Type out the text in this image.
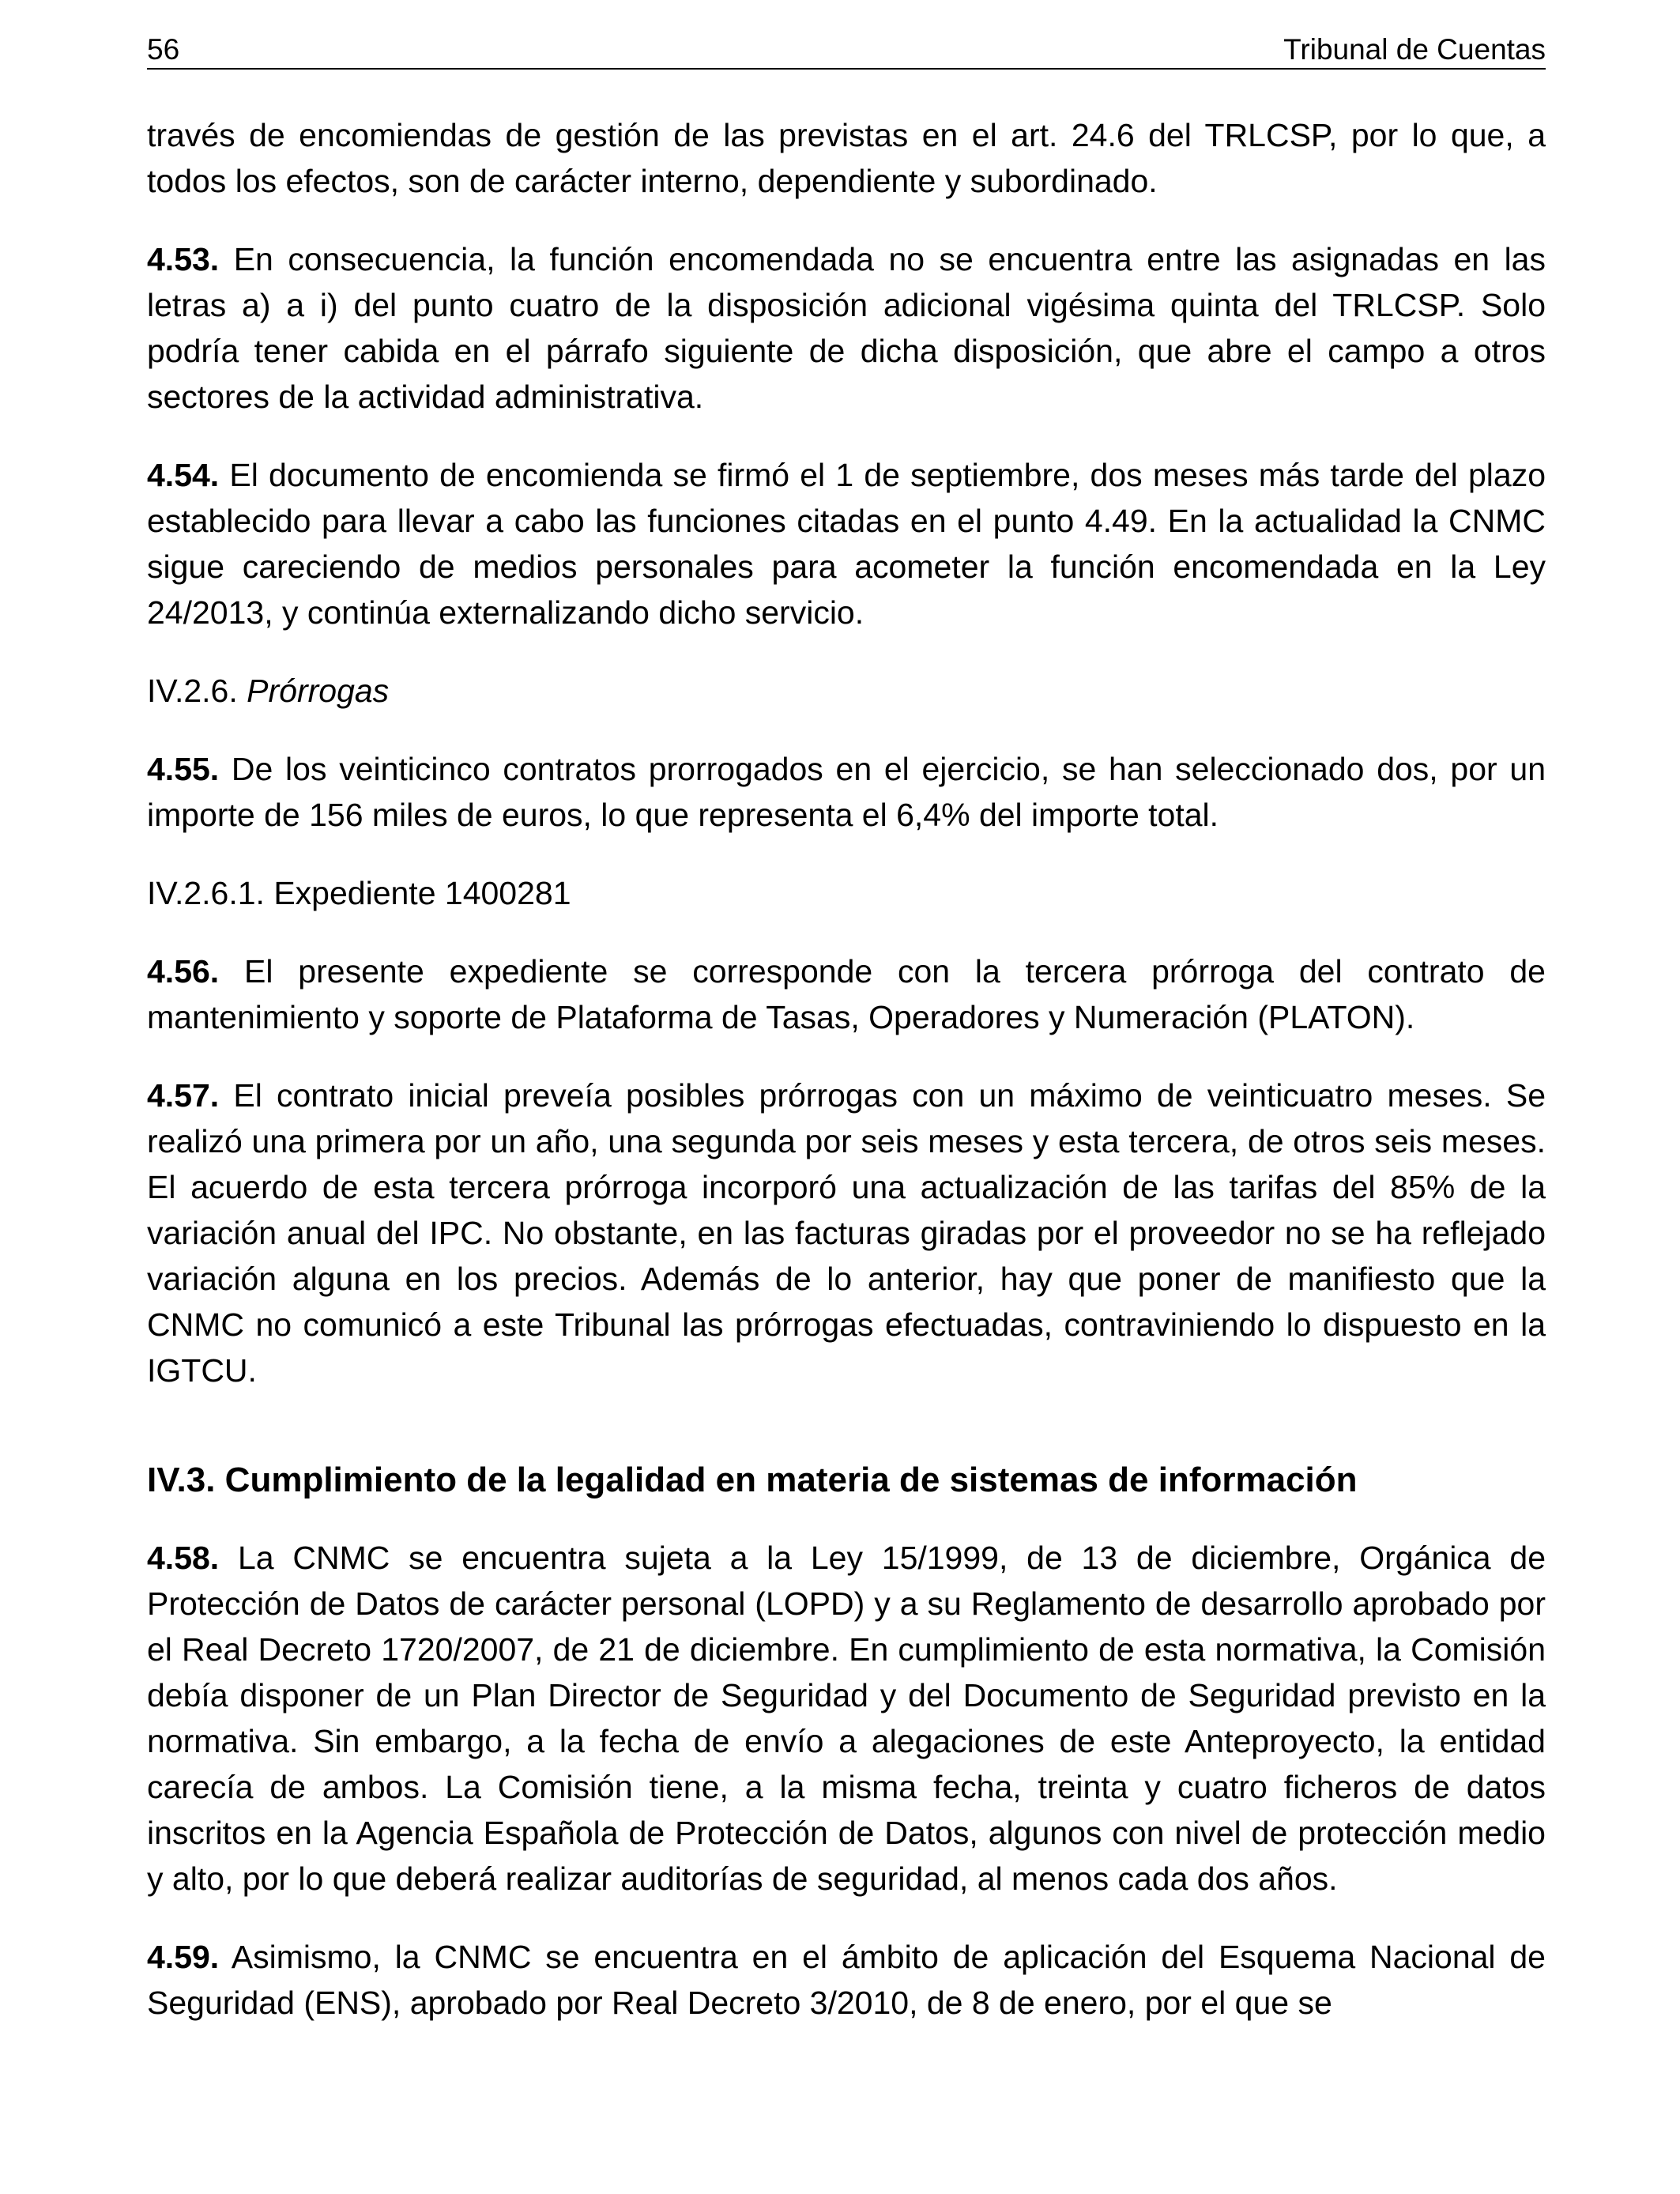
56	Tribunal de Cuentas

través de encomiendas de gestión de las previstas en el art. 24.6 del TRLCSP, por lo que, a todos los efectos, son de carácter interno, dependiente y subordinado.

4.53. En consecuencia, la función encomendada no se encuentra entre las asignadas en las letras a) a i) del punto cuatro de la disposición adicional vigésima quinta del TRLCSP. Solo podría tener cabida en el párrafo siguiente de dicha disposición, que abre el campo a otros sectores de la actividad administrativa.

4.54. El documento de encomienda se firmó el 1 de septiembre, dos meses más tarde del plazo establecido para llevar a cabo las funciones citadas en el punto 4.49. En la actualidad la CNMC sigue careciendo de medios personales para acometer la función encomendada en la Ley 24/2013, y continúa externalizando dicho servicio.

IV.2.6. Prórrogas

4.55. De los veinticinco contratos prorrogados en el ejercicio, se han seleccionado dos, por un importe de 156 miles de euros, lo que representa el 6,4% del importe total.

IV.2.6.1. Expediente 1400281

4.56. El presente expediente se corresponde con la tercera prórroga del contrato de mantenimiento y soporte de Plataforma de Tasas, Operadores y Numeración (PLATON).

4.57. El contrato inicial preveía posibles prórrogas con un máximo de veinticuatro meses. Se realizó una primera por un año, una segunda por seis meses y esta tercera, de otros seis meses. El acuerdo de esta tercera prórroga incorporó una actualización de las tarifas del 85% de la variación anual del IPC. No obstante, en las facturas giradas por el proveedor no se ha reflejado variación alguna en los precios. Además de lo anterior, hay que poner de manifiesto que la CNMC no comunicó a este Tribunal las prórrogas efectuadas, contraviniendo lo dispuesto en la IGTCU.

IV.3. Cumplimiento de la legalidad en materia de sistemas de información

4.58. La CNMC se encuentra sujeta a la Ley 15/1999, de 13 de diciembre, Orgánica de Protección de Datos de carácter personal (LOPD) y a su Reglamento de desarrollo aprobado por el Real Decreto 1720/2007, de 21 de diciembre. En cumplimiento de esta normativa, la Comisión debía disponer de un Plan Director de Seguridad y del Documento de Seguridad previsto en la normativa. Sin embargo, a la fecha de envío a alegaciones de este Anteproyecto, la entidad carecía de ambos. La Comisión tiene, a la misma fecha, treinta y cuatro ficheros de datos inscritos en la Agencia Española de Protección de Datos, algunos con nivel de protección medio y alto, por lo que deberá realizar auditorías de seguridad, al menos cada dos años.

4.59. Asimismo, la CNMC se encuentra en el ámbito de aplicación del Esquema Nacional de Seguridad (ENS), aprobado por Real Decreto 3/2010, de 8 de enero, por el que se
